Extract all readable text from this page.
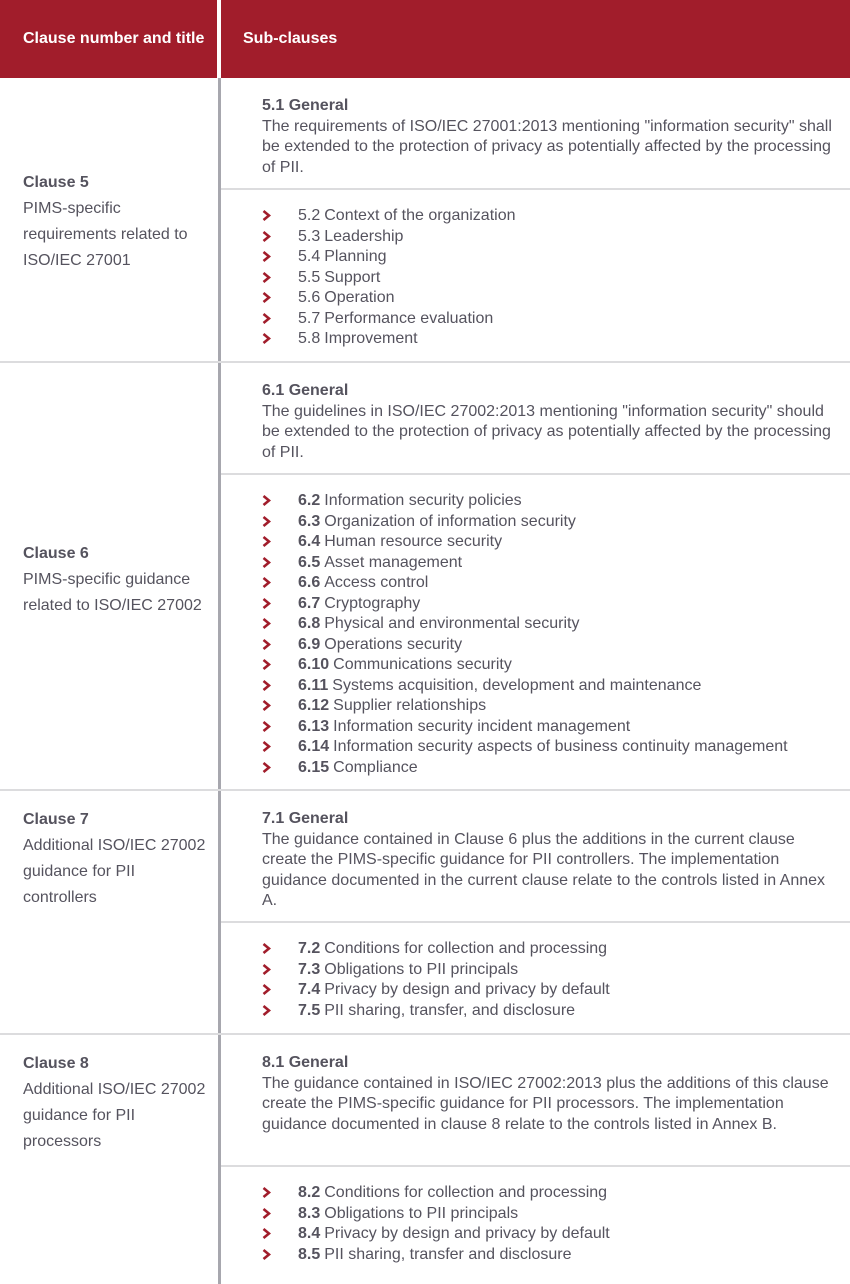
Clause number and title	Sub-clauses
Clause 5
PIMS-specific requirements related to ISO/IEC 27001
5.1 General
The requirements of ISO/IEC 27001:2013 mentioning "information security" shall be extended to the protection of privacy as potentially affected by the processing of PII.
5.2 Context of the organization
5.3 Leadership
5.4 Planning
5.5 Support
5.6 Operation
5.7 Performance evaluation
5.8 Improvement
Clause 6
PIMS-specific guidance related to ISO/IEC 27002
6.1 General
The guidelines in ISO/IEC 27002:2013 mentioning "information security" should be extended to the protection of privacy as potentially affected by the processing of PII.
6.2 Information security policies
6.3 Organization of information security
6.4 Human resource security
6.5 Asset management
6.6 Access control
6.7 Cryptography
6.8 Physical and environmental security
6.9 Operations security
6.10 Communications security
6.11 Systems acquisition, development and maintenance
6.12 Supplier relationships
6.13 Information security incident management
6.14 Information security aspects of business continuity management
6.15 Compliance
Clause 7
Additional ISO/IEC 27002 guidance for PII controllers
7.1 General
The guidance contained in Clause 6 plus the additions in the current clause create the PIMS-specific guidance for PII controllers. The implementation guidance documented in the current clause relate to the controls listed in Annex A.
7.2 Conditions for collection and processing
7.3 Obligations to PII principals
7.4 Privacy by design and privacy by default
7.5 PII sharing, transfer, and disclosure
Clause 8
Additional ISO/IEC 27002 guidance for PII processors
8.1 General
The guidance contained in ISO/IEC 27002:2013 plus the additions of this clause create the PIMS-specific guidance for PII processors. The implementation guidance documented in clause 8 relate to the controls listed in Annex B.
8.2 Conditions for collection and processing
8.3 Obligations to PII principals
8.4 Privacy by design and privacy by default
8.5 PII sharing, transfer and disclosure
